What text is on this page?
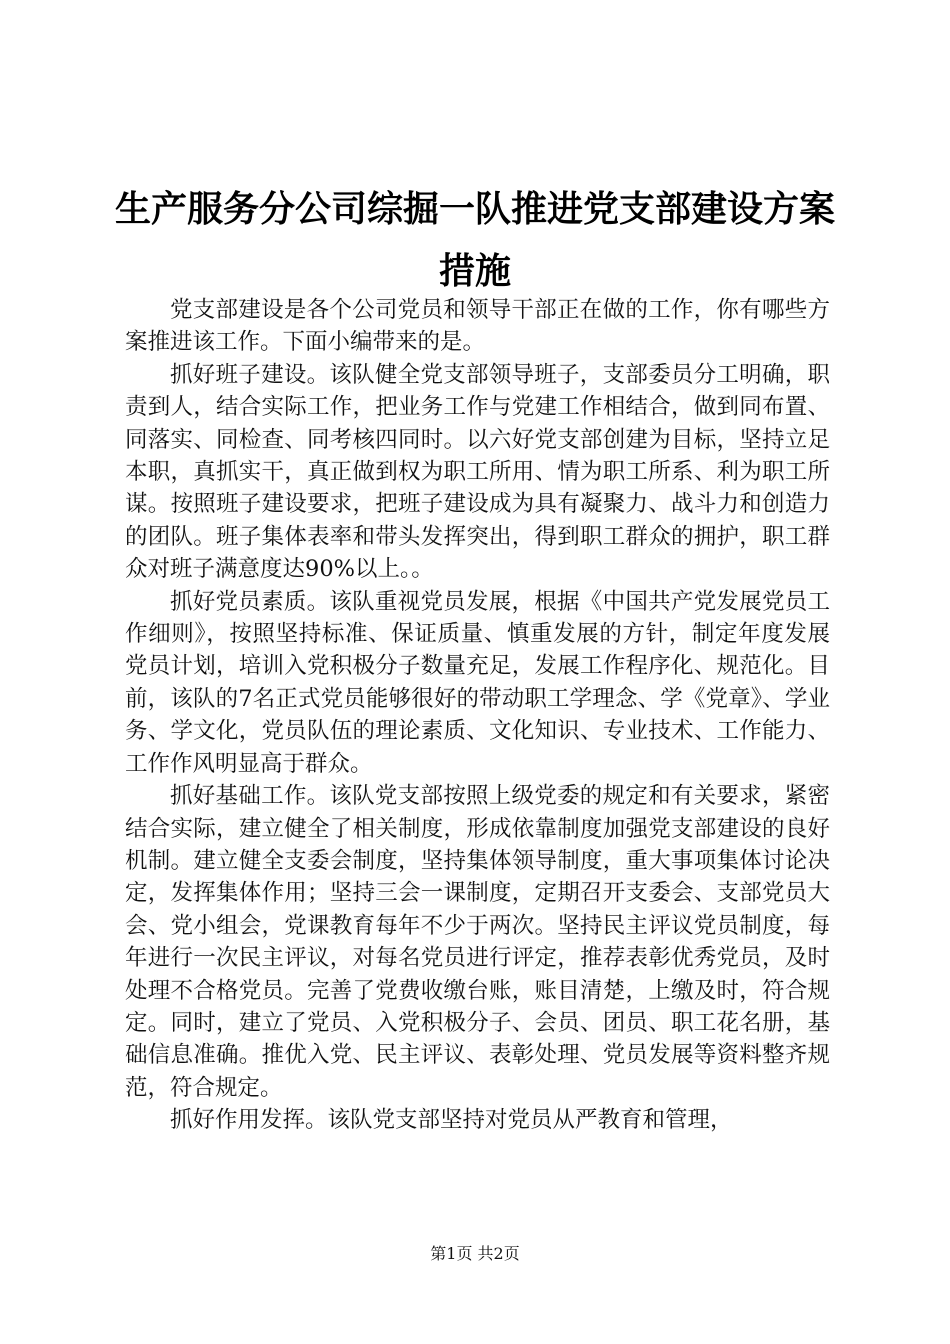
生产服务分公司综掘一队推进党支部建设方案措施

党支部建设是各个公司党员和领导干部正在做的工作，你有哪些方案推进该工作。下面小编带来的是。

抓好班子建设。该队健全党支部领导班子，支部委员分工明确，职责到人，结合实际工作，把业务工作与党建工作相结合，做到同布置、同落实、同检查、同考核四同时。以六好党支部创建为目标，坚持立足本职，真抓实干，真正做到权为职工所用、情为职工所系、利为职工所谋。按照班子建设要求，把班子建设成为具有凝聚力、战斗力和创造力的团队。班子集体表率和带头发挥突出，得到职工群众的拥护，职工群众对班子满意度达90%以上。。

抓好党员素质。该队重视党员发展，根据《中国共产党发展党员工作细则》，按照坚持标准、保证质量、慎重发展的方针，制定年度发展党员计划，培训入党积极分子数量充足，发展工作程序化、规范化。目前，该队的7名正式党员能够很好的带动职工学理念、学《党章》、学业务、学文化，党员队伍的理论素质、文化知识、专业技术、工作能力、工作作风明显高于群众。

抓好基础工作。该队党支部按照上级党委的规定和有关要求，紧密结合实际，建立健全了相关制度，形成依靠制度加强党支部建设的良好机制。建立健全支委会制度，坚持集体领导制度，重大事项集体讨论决定，发挥集体作用；坚持三会一课制度，定期召开支委会、支部党员大会、党小组会，党课教育每年不少于两次。坚持民主评议党员制度，每年进行一次民主评议，对每名党员进行评定，推荐表彰优秀党员，及时处理不合格党员。完善了党费收缴台账，账目清楚，上缴及时，符合规定。同时，建立了党员、入党积极分子、会员、团员、职工花名册，基础信息准确。推优入党、民主评议、表彰处理、党员发展等资料整齐规范，符合规定。

抓好作用发挥。该队党支部坚持对党员从严教育和管理，

第1页 共2页
